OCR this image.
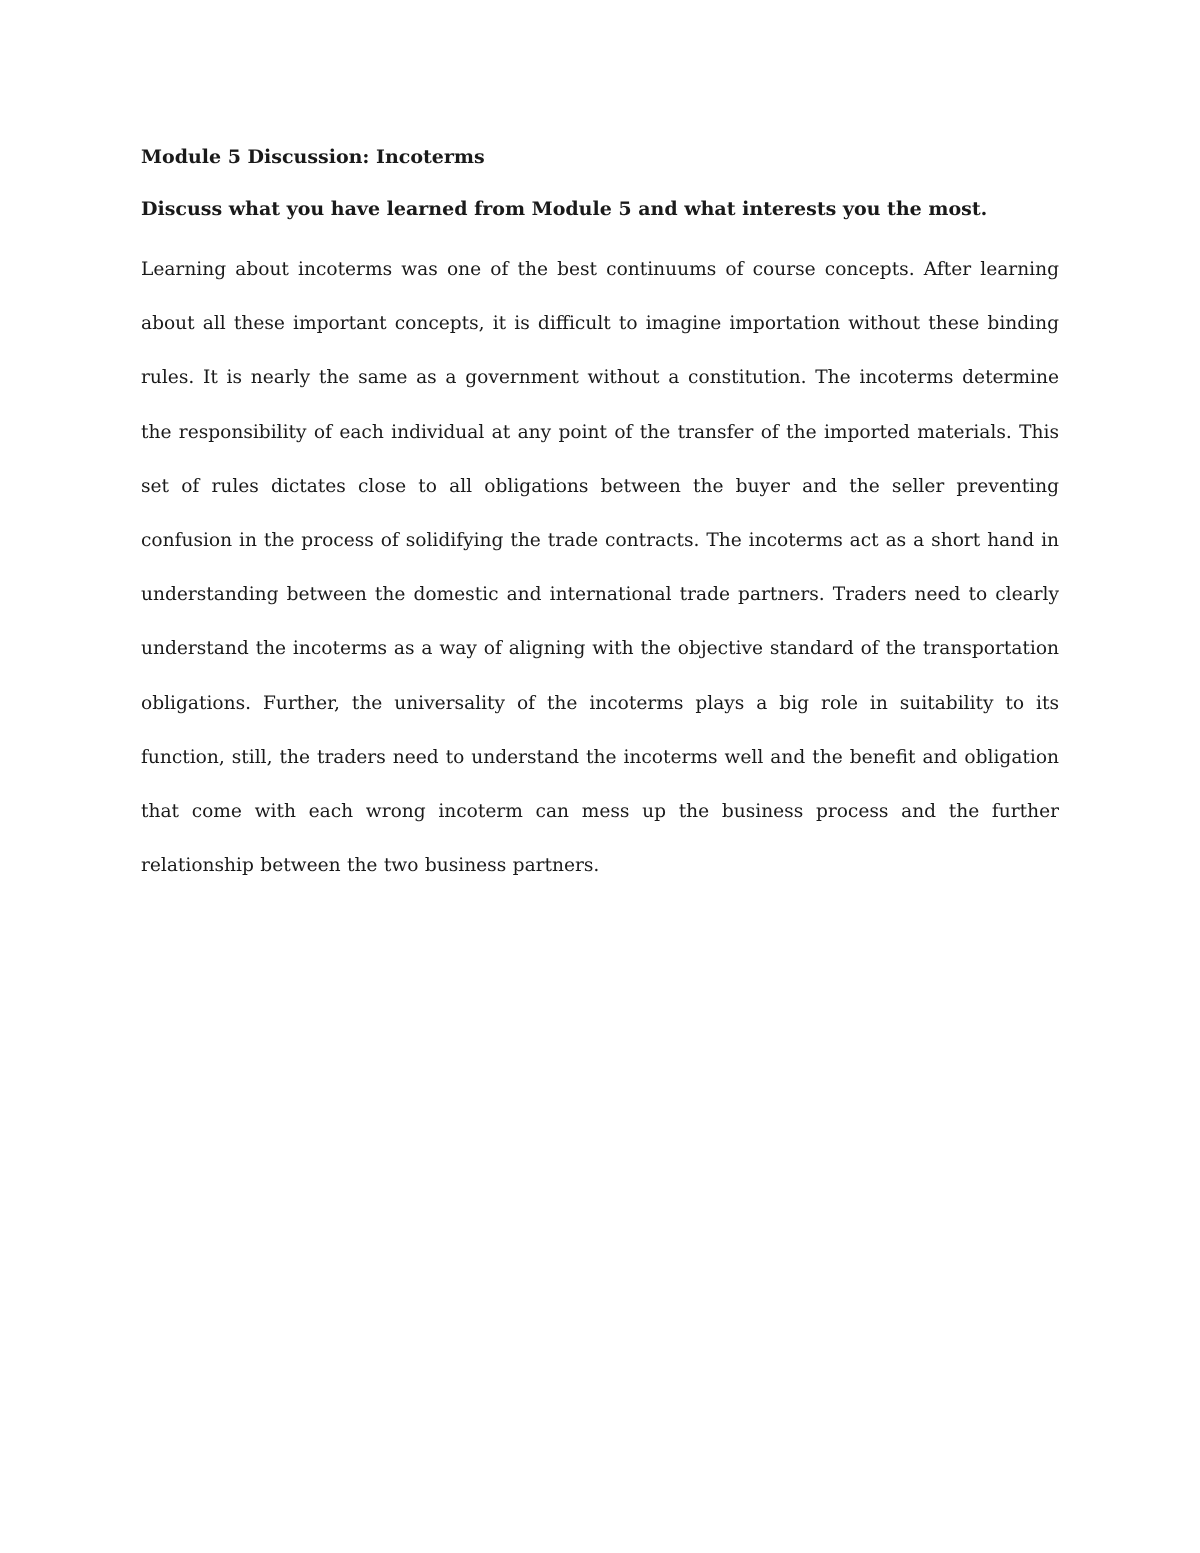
Module 5 Discussion: Incoterms

Discuss what you have learned from Module 5 and what interests you the most.

Learning about incoterms was one of the best continuums of course concepts. After learning about all these important concepts, it is difficult to imagine importation without these binding rules. It is nearly the same as a government without a constitution. The incoterms determine the responsibility of each individual at any point of the transfer of the imported materials. This set of rules dictates close to all obligations between the buyer and the seller preventing confusion in the process of solidifying the trade contracts. The incoterms act as a short hand in understanding between the domestic and international trade partners. Traders need to clearly understand the incoterms as a way of aligning with the objective standard of the transportation obligations. Further, the universality of the incoterms plays a big role in suitability to its function, still, the traders need to understand the incoterms well and the benefit and obligation that come with each wrong incoterm can mess up the business process and the further relationship between the two business partners.
